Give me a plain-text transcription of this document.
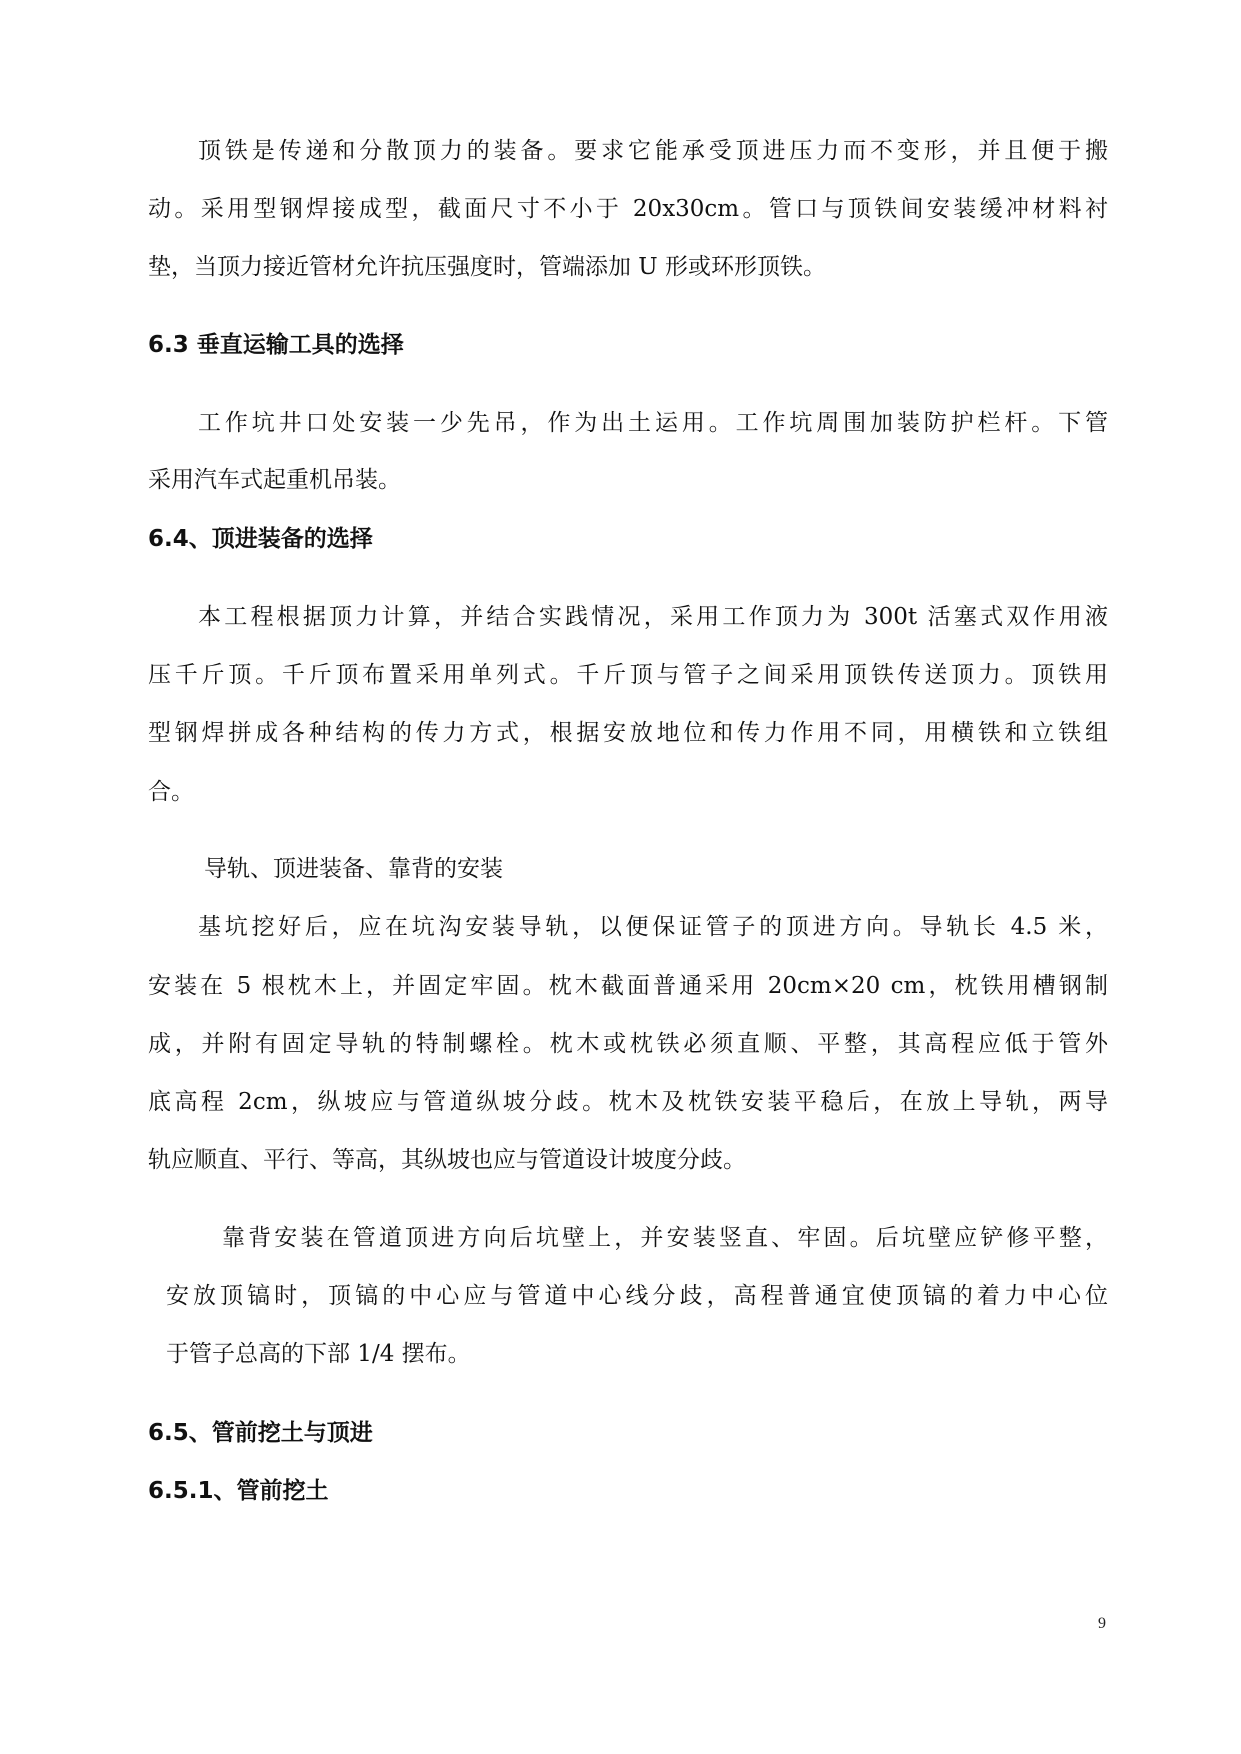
顶铁是传递和分散顶力的装备。要求它能承受顶进压力而不变形，并且便于搬
动。采用型钢焊接成型，截面尺寸不小于 20x30cm。管口与顶铁间安装缓冲材料衬
垫，当顶力接近管材允许抗压强度时，管端添加 U 形或环形顶铁。
6.3 垂直运输工具的选择
工作坑井口处安装一少先吊，作为出土运用。工作坑周围加装防护栏杆。下管
采用汽车式起重机吊装。
6.4、顶进装备的选择
本工程根据顶力计算，并结合实践情况，采用工作顶力为 300t 活塞式双作用液
压千斤顶。千斤顶布置采用单列式。千斤顶与管子之间采用顶铁传送顶力。顶铁用
型钢焊拼成各种结构的传力方式，根据安放地位和传力作用不同，用横铁和立铁组
合。
导轨、顶进装备、靠背的安装
基坑挖好后，应在坑沟安装导轨，以便保证管子的顶进方向。导轨长 4.5 米，
安装在 5 根枕木上，并固定牢固。枕木截面普通采用 20cm×20 cm，枕铁用槽钢制
成，并附有固定导轨的特制螺栓。枕木或枕铁必须直顺、平整，其高程应低于管外
底高程 2cm，纵坡应与管道纵坡分歧。枕木及枕铁安装平稳后，在放上导轨，两导
轨应顺直、平行、等高，其纵坡也应与管道设计坡度分歧。
靠背安装在管道顶进方向后坑壁上，并安装竖直、牢固。后坑壁应铲修平整，
安放顶镐时，顶镐的中心应与管道中心线分歧，高程普通宜使顶镐的着力中心位
于管子总高的下部 1/4 摆布。
6.5、管前挖土与顶进
6.5.1、管前挖土
9
